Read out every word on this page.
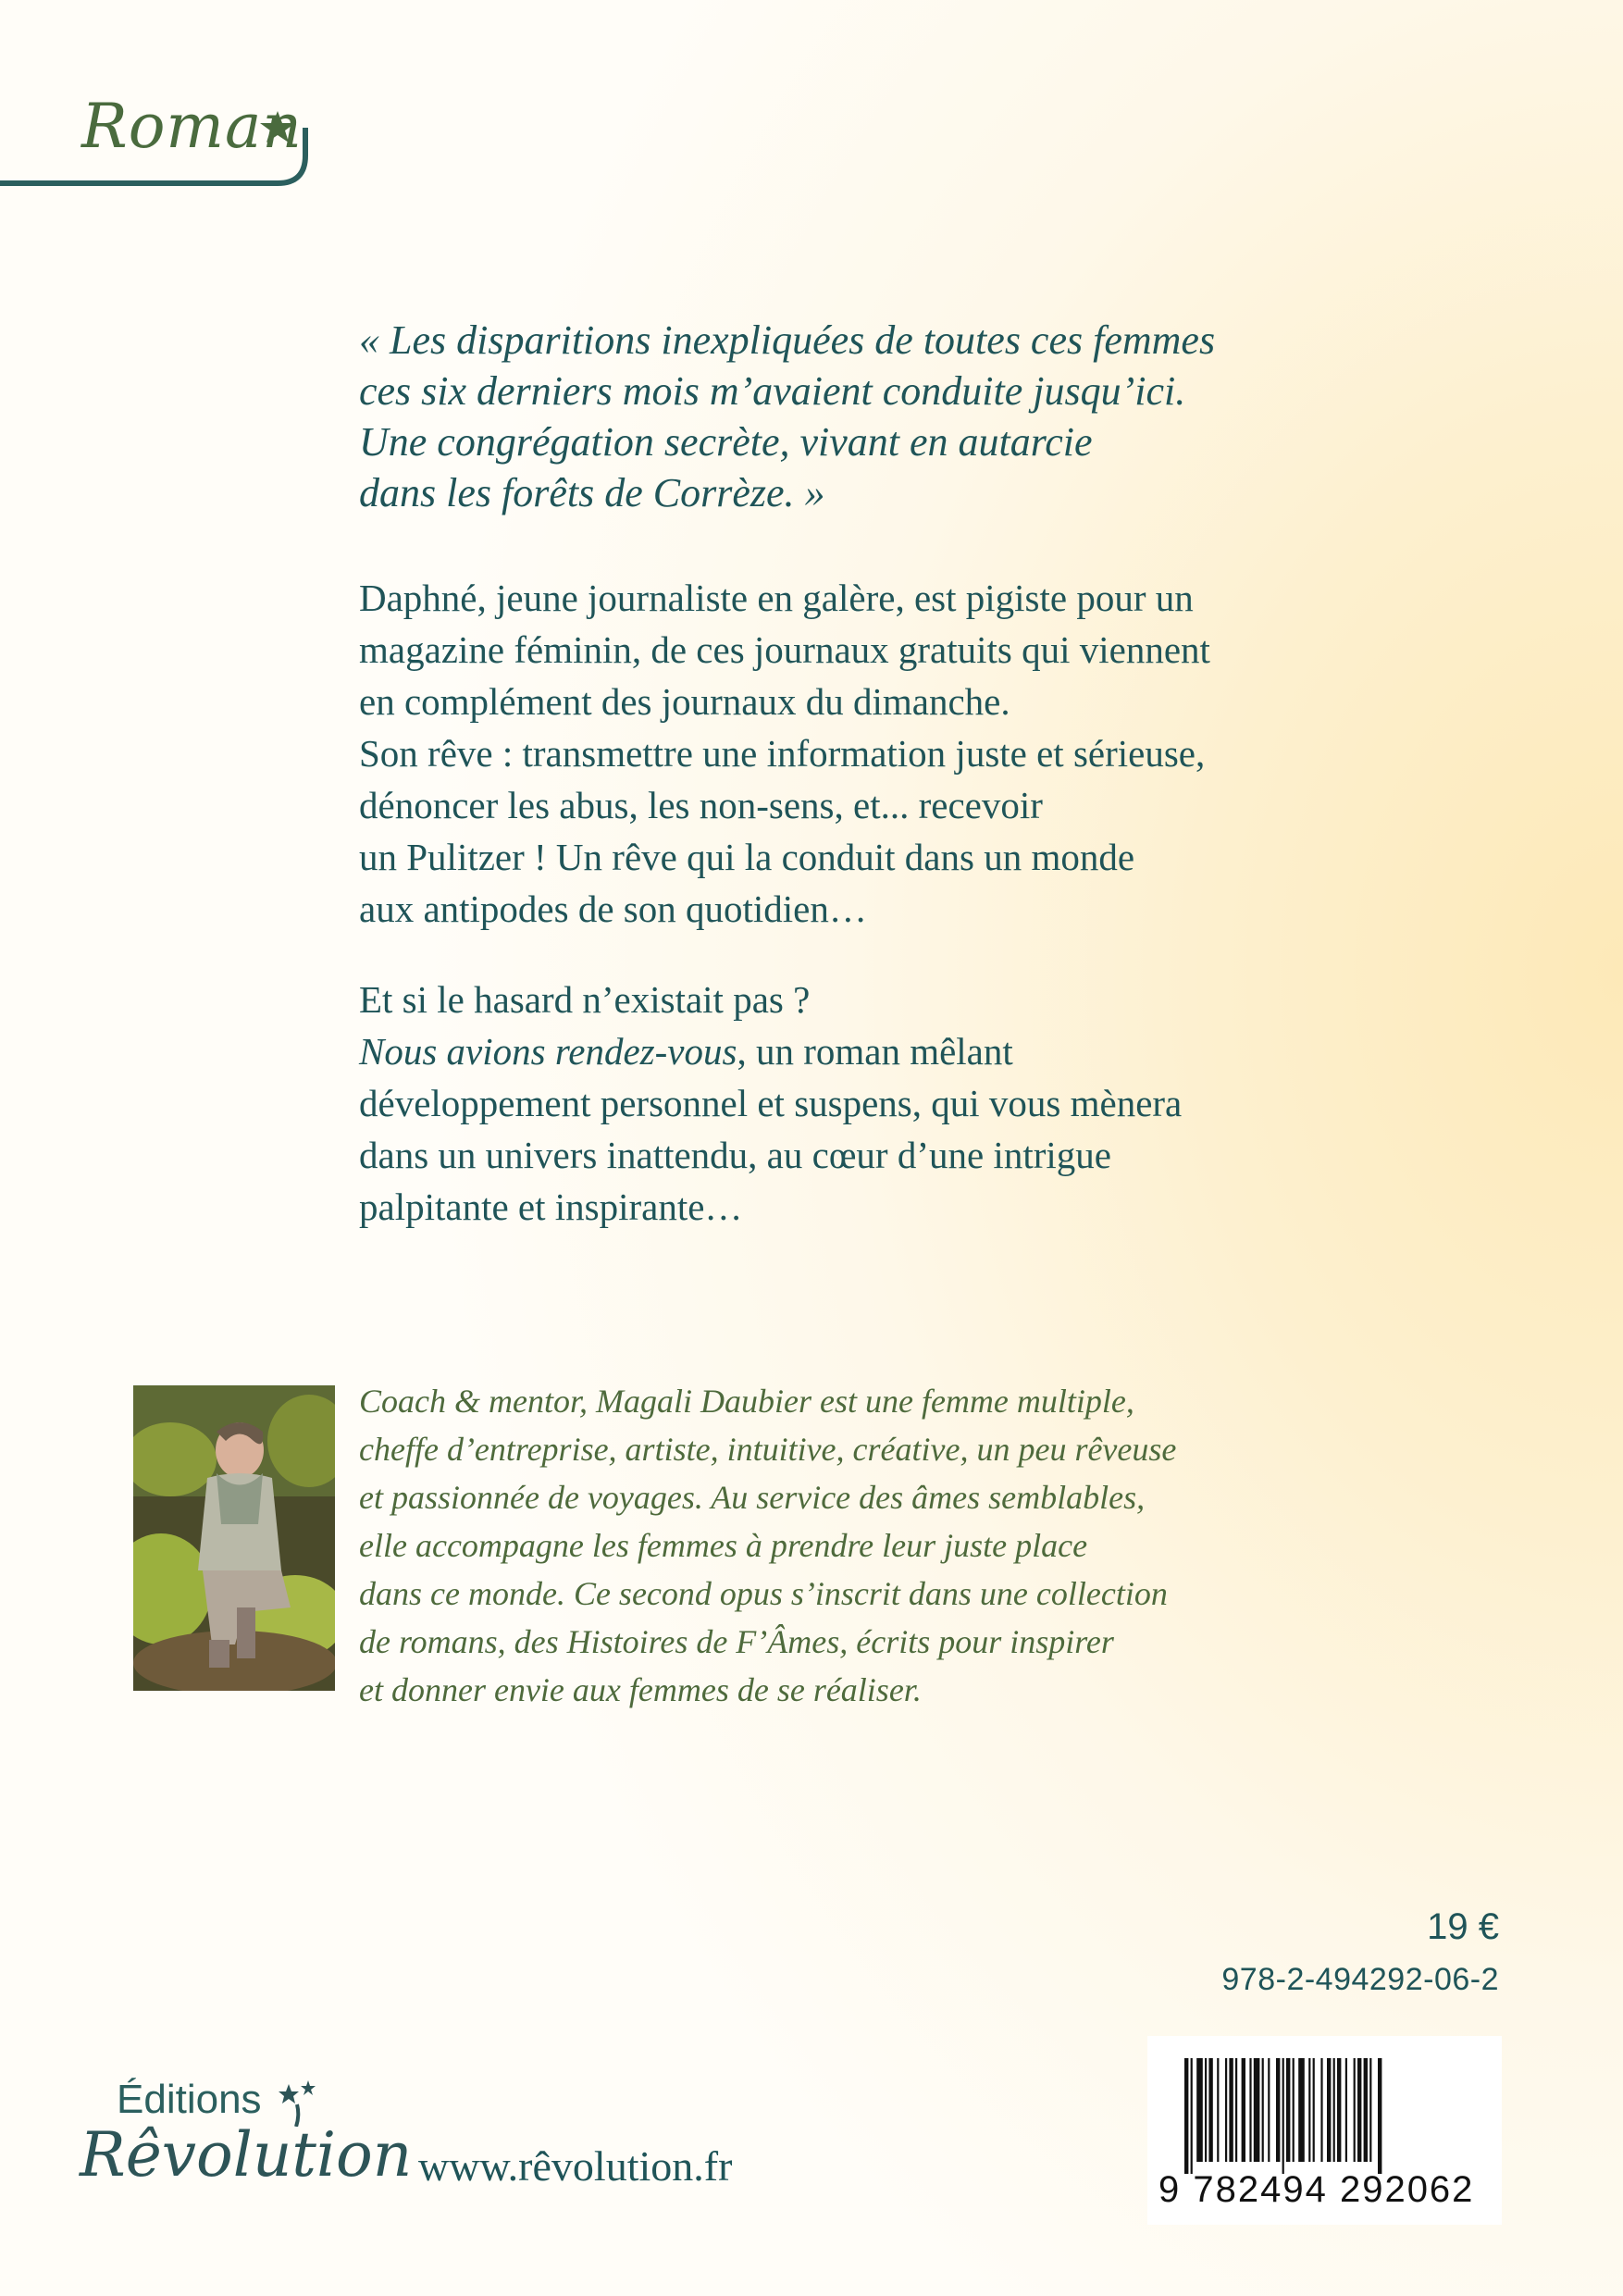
Roman
« Les disparitions inexpliquées de toutes ces femmes
ces six derniers mois m’avaient conduite jusqu’ici.
Une congrégation secrète, vivant en autarcie
dans les forêts de Corrèze. »
Daphné, jeune journaliste en galère, est pigiste pour un
magazine féminin, de ces journaux gratuits qui viennent
en complément des journaux du dimanche.
Son rêve : transmettre une information juste et sérieuse,
dénoncer les abus, les non-sens, et... recevoir
un Pulitzer ! Un rêve qui la conduit dans un monde
aux antipodes de son quotidien…
Et si le hasard n’existait pas ?
Nous avions rendez-vous, un roman mêlant
développement personnel et suspens, qui vous mènera
dans un univers inattendu, au cœur d’une intrigue
palpitante et inspirante…
Coach & mentor, Magali Daubier est une femme multiple,
cheffe d’entreprise, artiste, intuitive, créative, un peu rêveuse
et passionnée de voyages. Au service des âmes semblables,
elle accompagne les femmes à prendre leur juste place
dans ce monde. Ce second opus s’inscrit dans une collection
de romans, des Histoires de F’Âmes, écrits pour inspirer
et donner envie aux femmes de se réaliser.
19 €
978-2-494292-06-2
9 782494 292062
Éditions
Rêvolution www.rêvolution.fr
